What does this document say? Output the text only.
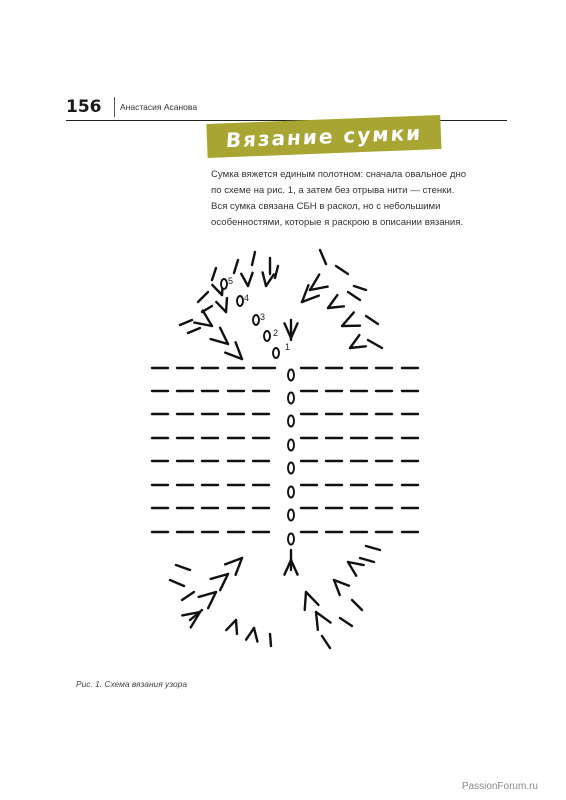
156 Анастасия Асанова
Вязание сумки

Сумка вяжется единым полотном: сначала овальное дно

по схеме на рис. 1, а затем без отрыва нити — стенки.

Вся сумка связана СБН в раскол, но с небольшими

особенностями, которые я раскрою в описании вязания.

1
2
3
4
5
Рис. 1. Схема вязания узора
PassionForum.ru
